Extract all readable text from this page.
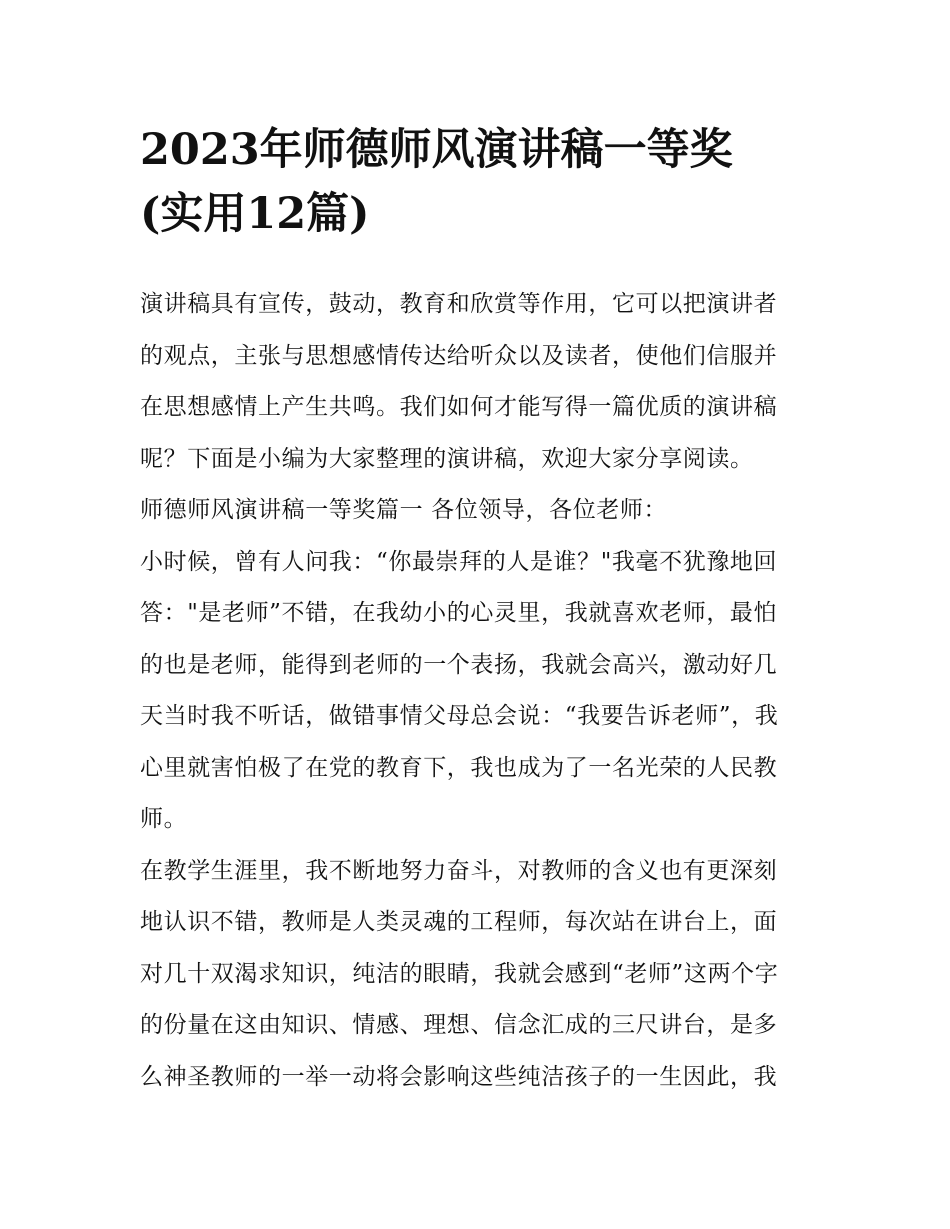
2023年师德师风演讲稿一等奖
(实用12篇)
演讲稿具有宣传，鼓动，教育和欣赏等作用，它可以把演讲者
的观点，主张与思想感情传达给听众以及读者，使他们信服并
在思想感情上产生共鸣。我们如何才能写得一篇优质的演讲稿
呢？下面是小编为大家整理的演讲稿，欢迎大家分享阅读。
师德师风演讲稿一等奖篇一 各位领导，各位老师：
小时候，曾有人问我：“你最崇拜的人是谁？"我毫不犹豫地回
答："是老师”不错，在我幼小的心灵里，我就喜欢老师，最怕
的也是老师，能得到老师的一个表扬，我就会高兴，激动好几
天当时我不听话，做错事情父母总会说：“我要告诉老师”，我
心里就害怕极了在党的教育下，我也成为了一名光荣的人民教
师。
在教学生涯里，我不断地努力奋斗，对教师的含义也有更深刻
地认识不错，教师是人类灵魂的工程师，每次站在讲台上，面
对几十双渴求知识，纯洁的眼睛，我就会感到“老师”这两个字
的份量在这由知识、情感、理想、信念汇成的三尺讲台，是多
么神圣教师的一举一动将会影响这些纯洁孩子的一生因此，我
